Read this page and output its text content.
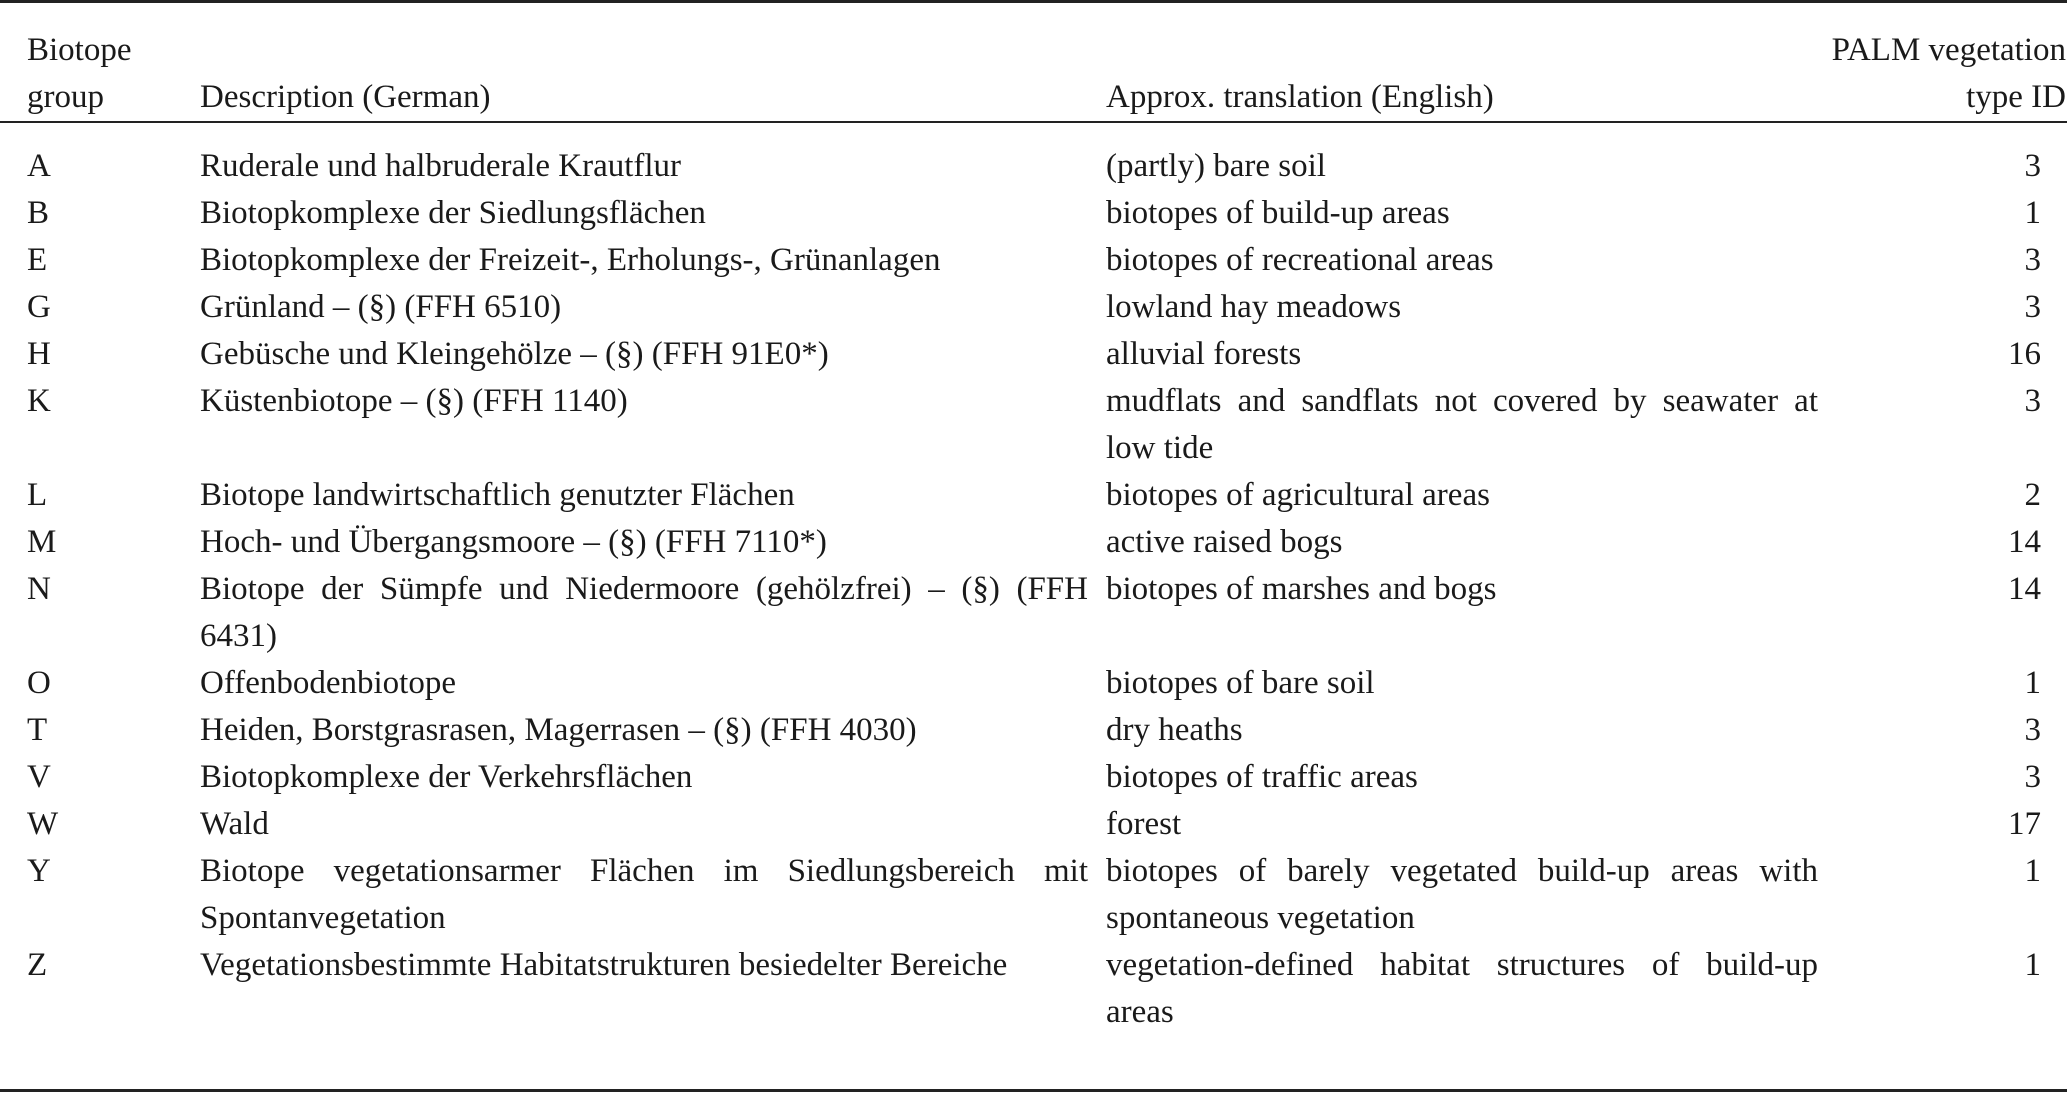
Biotope group	Description (German)	Approx. translation (English)	PALM vegetation type ID

A	Ruderale und halbruderale Krautflur	(partly) bare soil	3
B	Biotopkomplexe der Siedlungsflächen	biotopes of build-up areas	1
E	Biotopkomplexe der Freizeit-, Erholungs-, Grünanlagen	biotopes of recreational areas	3
G	Grünland – (§) (FFH 6510)	lowland hay meadows	3
H	Gebüsche und Kleingehölze – (§) (FFH 91E0*)	alluvial forests	16
K	Küstenbiotope – (§) (FFH 1140)	mudflats and sandflats not covered by seawater at low tide	3
L	Biotope landwirtschaftlich genutzter Flächen	biotopes of agricultural areas	2
M	Hoch- und Übergangsmoore – (§) (FFH 7110*)	active raised bogs	14
N	Biotope der Sümpfe und Niedermoore (gehölzfrei) – (§) (FFH 6431)	biotopes of marshes and bogs	14
O	Offenbodenbiotope	biotopes of bare soil	1
T	Heiden, Borstgrasrasen, Magerrasen – (§) (FFH 4030)	dry heaths	3
V	Biotopkomplexe der Verkehrsflächen	biotopes of traffic areas	3
W	Wald	forest	17
Y	Biotope vegetationsarmer Flächen im Siedlungsbereich mit Spontanvegetation	biotopes of barely vegetated build-up areas with spontaneous vegetation	1
Z	Vegetationsbestimmte Habitatstrukturen besiedelter Bereiche	vegetation-defined habitat structures of build-up areas	1
